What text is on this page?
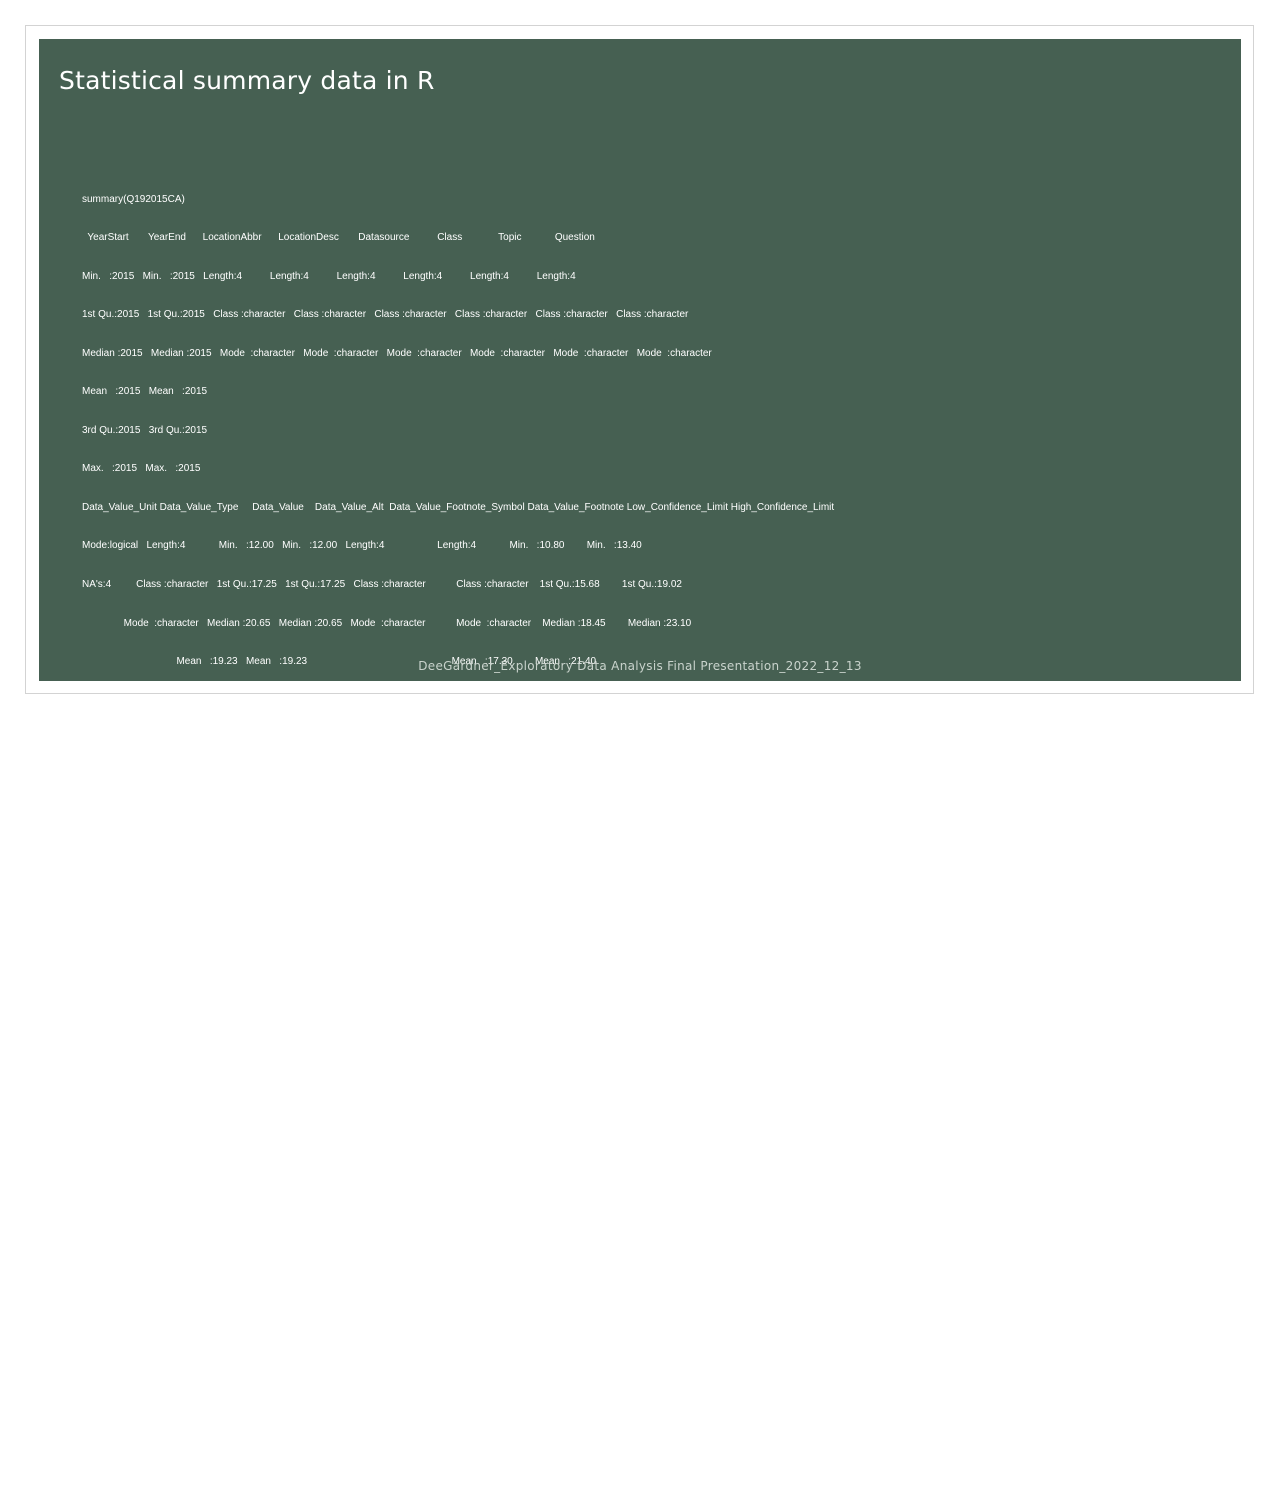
Statistical summary data in R

summary(Q192015CA)

YearStart       YearEnd      LocationAbbr      LocationDesc       Datasource          Class             Topic            Question

Min.   :2015   Min.   :2015   Length:4          Length:4          Length:4          Length:4          Length:4          Length:4

1st Qu.:2015   1st Qu.:2015   Class :character   Class :character   Class :character   Class :character   Class :character   Class :character

Median :2015   Median :2015   Mode  :character   Mode  :character   Mode  :character   Mode  :character   Mode  :character   Mode  :character

Mean   :2015   Mean   :2015

3rd Qu.:2015   3rd Qu.:2015

Max.   :2015   Max.   :2015

Data_Value_Unit Data_Value_Type     Data_Value    Data_Value_Alt  Data_Value_Footnote_Symbol Data_Value_Footnote Low_Confidence_Limit High_Confidence_Limit

Mode:logical   Length:4            Min.   :12.00   Min.   :12.00   Length:4                   Length:4            Min.   :10.80        Min.   :13.40

NA's:4         Class :character   1st Qu.:17.25   1st Qu.:17.25   Class :character           Class :character    1st Qu.:15.68        1st Qu.:19.02

Mode  :character   Median :20.65   Median :20.65   Mode  :character           Mode  :character    Median :18.45        Median :23.10

Mean   :19.23   Mean   :19.23                                                    Mean   :17.30        Mean   :21.40

3rd Qu.:22.62   3rd Qu.:22.62                                                   3rd Qu.:20.07        3rd Qu.:25.48

Max.   :23.60   Max.   :23.60                                                   Max.   :21.50        Max.   :26.00

Sample_Size       Total          Age(years)        Education         Gender            Income          Race/Ethnicity      GeoLocation

Min.   :1378   Length:4          Length:4          Length:4          Length:4          Length:4          Length:4          Length:4

1st Qu.:1904   Class :character   Class :character   Class :character   Class :character   Class :character   Class :character   Class :character

Median :2474   Mode  :character   Mode  :character   Mode  :character   Mode  :character   Mode  :character   Mode  :character   Mode  :character

Mean   :2705

3rd Qu.:3275

Max.   :4494

ClassID          TopicID          QuestionID        DataValueTypeID     LocationID StratificationCategory1 Stratification1     StratificationCategoryId1

Length:4          Length:4          Length:4          Length:4          Min.   :6   Length:4                Length:4          Length:4

Class :character   Class :character   Class :character   Class :character   1st Qu.:6   Class :character        Class :character   Class :character

Mode  :character   Mode  :character   Mode  :character   Mode  :character   Median :6   Mode  :character        Mode  :character   Mode  :character

Mean   :6

3rd Qu.:6

Max.   :6

StratificationID1

Length:4

Class :character

Mode  :character

DeeGardner_Exploratory Data Analysis Final Presentation_2022_12_13
